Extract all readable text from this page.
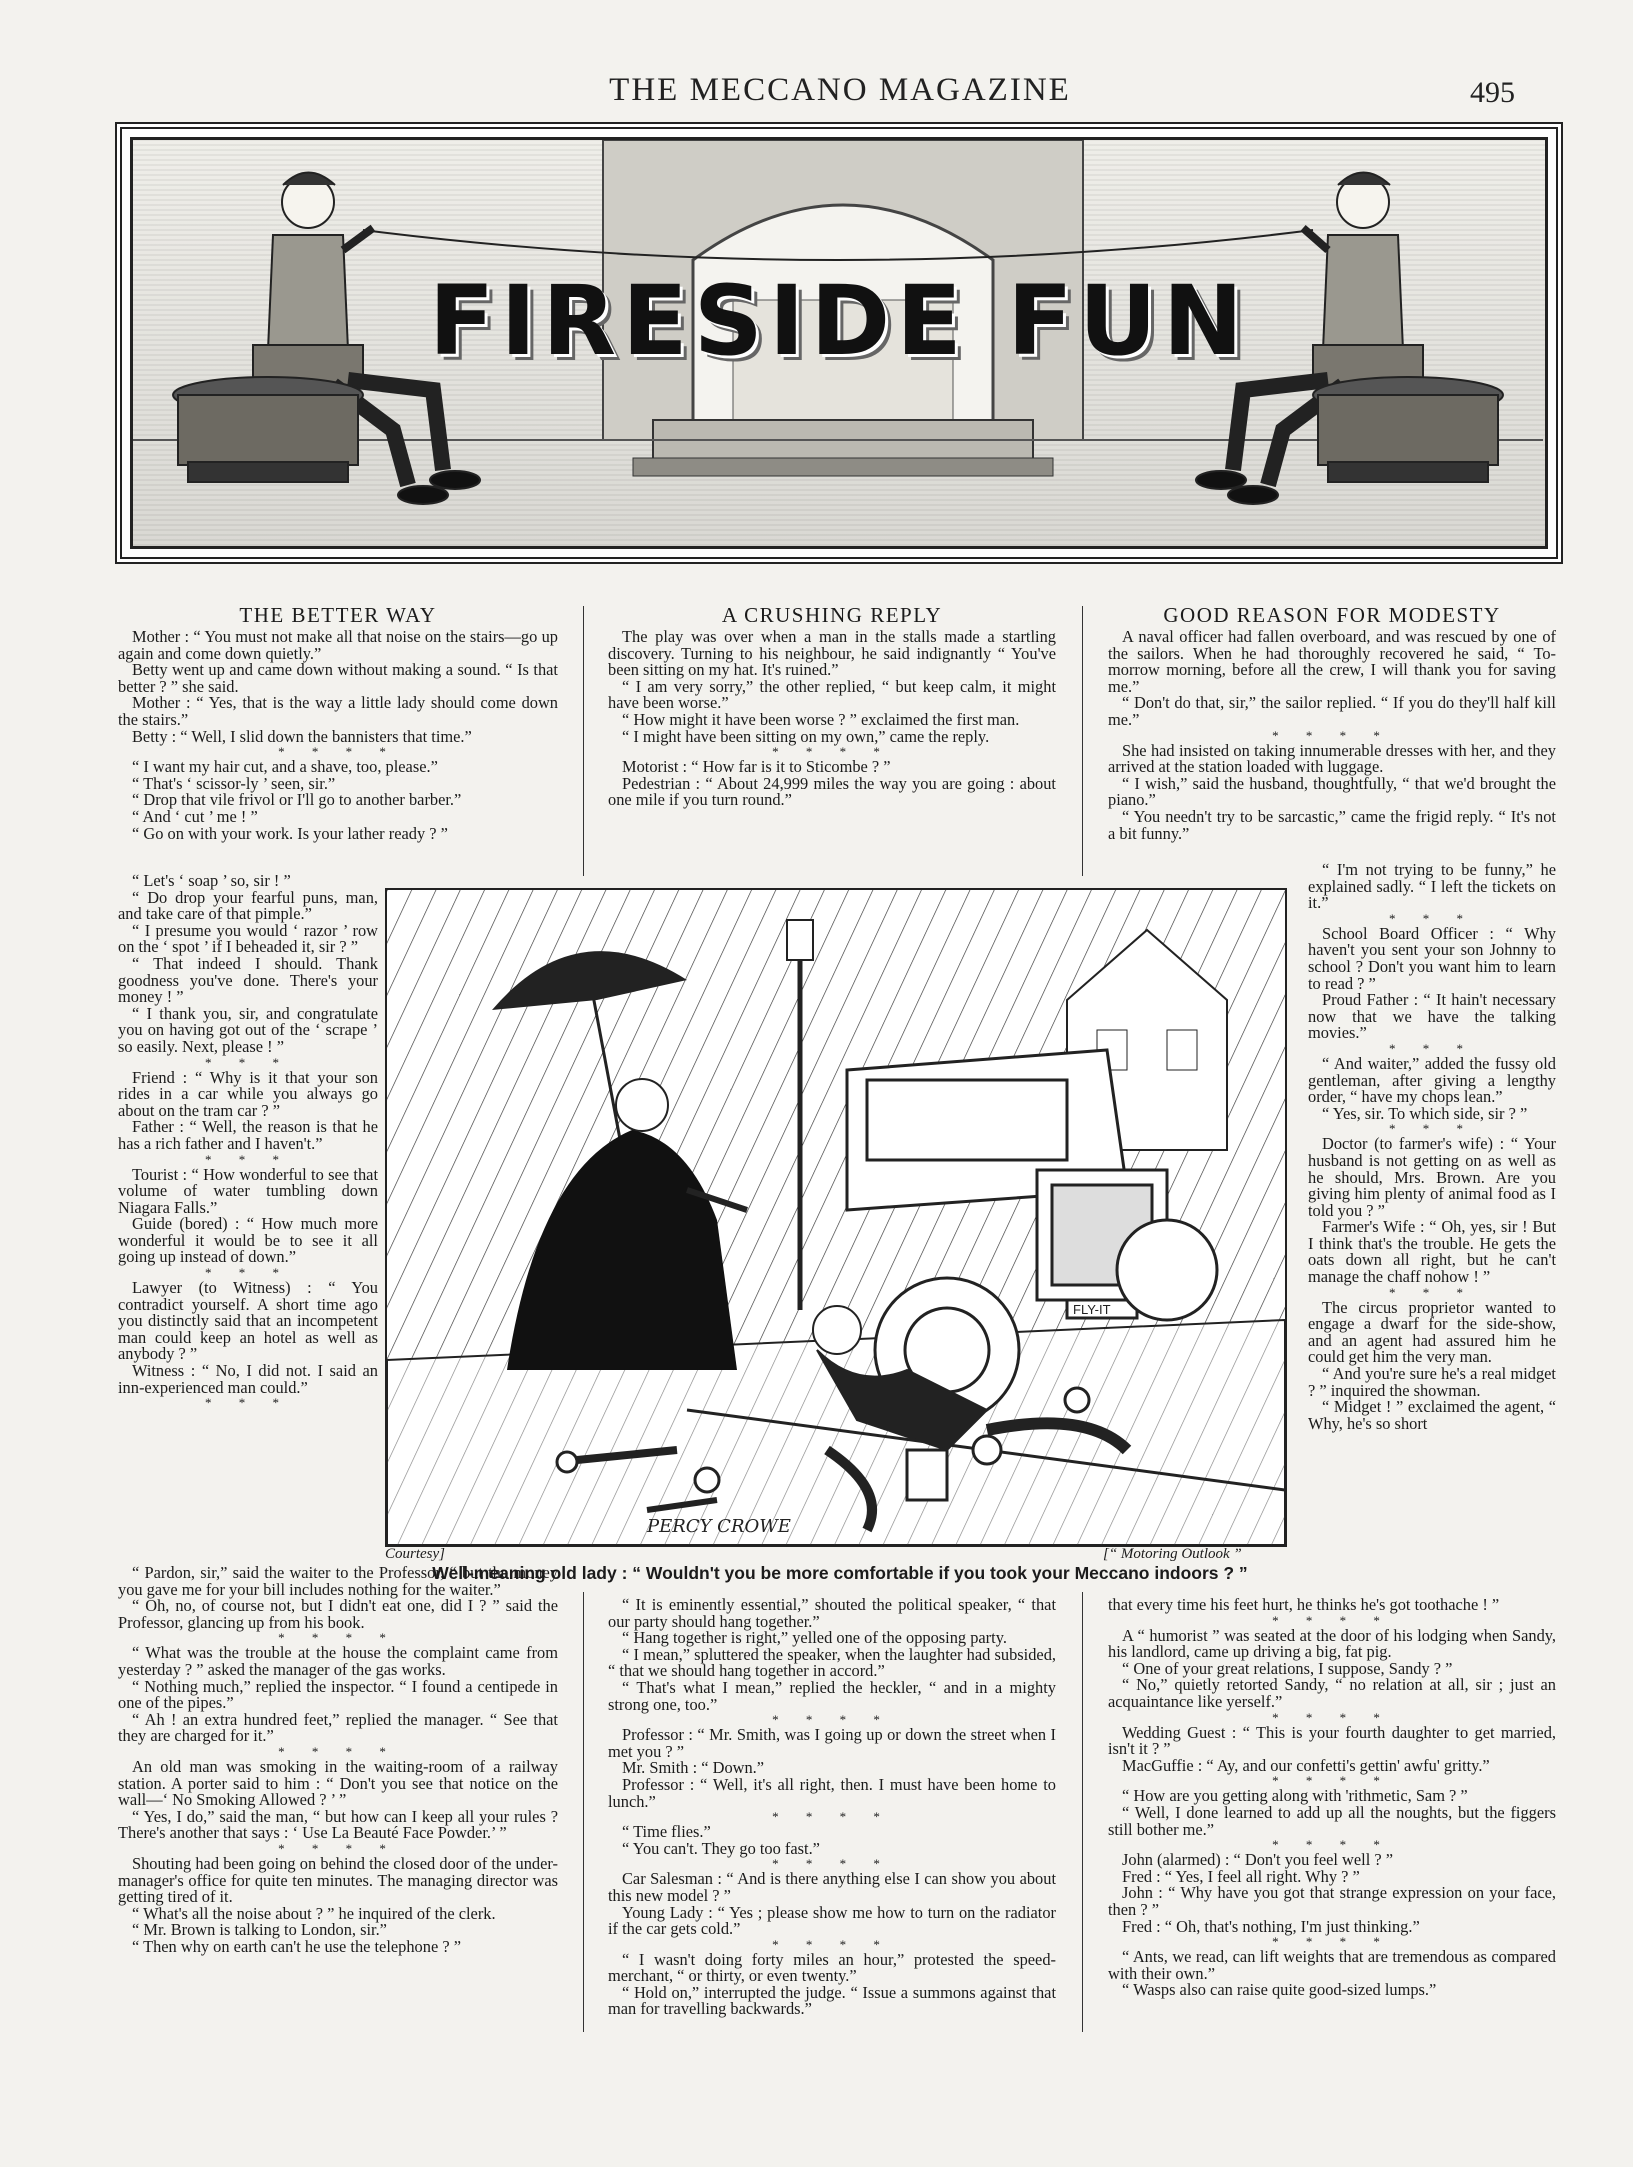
THE MECCANO MAGAZINE	495
FIRESIDE FUN
THE BETTER WAY

Mother : “ You must not make all that noise on the stairs—go up again and come down quietly.”

Betty went up and came down without making a sound. “ Is that better ? ” she said.

Mother : “ Yes, that is the way a little lady should come down the stairs.”

Betty : “ Well, I slid down the bannisters that time.”

* * * *

“ I want my hair cut, and a shave, too, please.”

“ That's ‘ scissor-ly ’ seen, sir.”

“ Drop that vile frivol or I'll go to another barber.”

“ And ‘ cut ’ me ! ”

“ Go on with your work. Is your lather ready ? ”

“ Let's ‘ soap ’ so, sir ! ”

“ Do drop your fearful puns, man, and take care of that pimple.”

“ I presume you would ‘ razor ’ row on the ‘ spot ’ if I beheaded it, sir ? ”

“ That indeed I should. Thank goodness you've done. There's your money ! ”

“ I thank you, sir, and congratulate you on having got out of the ‘ scrape ’ so easily. Next, please ! ”

* * *

Friend : “ Why is it that your son rides in a car while you always go about on the tram car ? ”

Father : “ Well, the reason is that he has a rich father and I haven't.”

* * *

Tourist : “ How wonderful to see that volume of water tumbling down Niagara Falls.”

Guide (bored) : “ How much more wonderful it would be to see it all going up instead of down.”

* * *

Lawyer (to Witness) : “ You contradict yourself. A short time ago you distinctly said that an incompetent man could keep an hotel as well as anybody ? ”

Witness : “ No, I did not. I said an inn-experienced man could.”

* * *

A CRUSHING REPLY

The play was over when a man in the stalls made a startling discovery. Turning to his neighbour, he said indignantly “ You've been sitting on my hat. It's ruined.”

“ I am very sorry,” the other replied, “ but keep calm, it might have been worse.”

“ How might it have been worse ? ” exclaimed the first man.

“ I might have been sitting on my own,” came the reply.

* * * *

Motorist : “ How far is it to Sticombe ? ”

Pedestrian : “ About 24,999 miles the way you are going : about one mile if you turn round.”

GOOD REASON FOR MODESTY

A naval officer had fallen overboard, and was rescued by one of the sailors. When he had thoroughly recovered he said, “ To-morrow morning, before all the crew, I will thank you for saving me.”

“ Don't do that, sir,” the sailor replied. “ If you do they'll half kill me.”

* * * *

She had insisted on taking innumerable dresses with her, and they arrived at the station loaded with luggage.

“ I wish,” said the husband, thoughtfully, “ that we'd brought the piano.”

“ You needn't try to be sarcastic,” came the frigid reply. “ It's not a bit funny.”

“ I'm not trying to be funny,” he explained sadly. “ I left the tickets on it.”

* * *

School Board Officer : “ Why haven't you sent your son Johnny to school ? Don't you want him to learn to read ? ”

Proud Father : “ It hain't necessary now that we have the talking movies.”

* * *

“ And waiter,” added the fussy old gentleman, after giving a lengthy order, “ have my chops lean.”

“ Yes, sir. To which side, sir ? ”

* * *

Doctor (to farmer's wife) : “ Your husband is not getting on as well as he should, Mrs. Brown. Are you giving him plenty of animal food as I told you ? ”

Farmer's Wife : “ Oh, yes, sir ! But I think that's the trouble. He gets the oats down all right, but he can't manage the chaff nohow ! ”

* * *

The circus proprietor wanted to engage a dwarf for the side-show, and an agent had assured him he could get him the very man.

“ And you're sure he's a real midget ? ” inquired the showman.

“ Midget ! ” exclaimed the agent, “ Why, he's so short

FLY-IT
PERCY CROWE
Courtesy]	[“ Motoring Outlook ”
Well-meaning old lady : “ Wouldn't you be more comfortable if you took your Meccano indoors ? ”

“ Pardon, sir,” said the waiter to the Professor, “ but the money you gave me for your bill includes nothing for the waiter.”

“ Oh, no, of course not, but I didn't eat one, did I ? ” said the Professor, glancing up from his book.

* * * *

“ What was the trouble at the house the complaint came from yesterday ? ” asked the manager of the gas works.

“ Nothing much,” replied the inspector. “ I found a centipede in one of the pipes.”

“ Ah ! an extra hundred feet,” replied the manager. “ See that they are charged for it.”

* * * *

An old man was smoking in the waiting-room of a railway station. A porter said to him : “ Don't you see that notice on the wall—‘ No Smoking Allowed ? ’ ”

“ Yes, I do,” said the man, “ but how can I keep all your rules ? There's another that says : ‘ Use La Beauté Face Powder.’ ”

* * * *

Shouting had been going on behind the closed door of the under-manager's office for quite ten minutes. The managing director was getting tired of it.

“ What's all the noise about ? ” he inquired of the clerk.

“ Mr. Brown is talking to London, sir.”

“ Then why on earth can't he use the telephone ? ”

“ It is eminently essential,” shouted the political speaker, “ that our party should hang together.”

“ Hang together is right,” yelled one of the opposing party.

“ I mean,” spluttered the speaker, when the laughter had subsided, “ that we should hang together in accord.”

“ That's what I mean,” replied the heckler, “ and in a mighty strong one, too.”

* * * *

Professor : “ Mr. Smith, was I going up or down the street when I met you ? ”

Mr. Smith : “ Down.”

Professor : “ Well, it's all right, then. I must have been home to lunch.”

* * * *

“ Time flies.”

“ You can't. They go too fast.”

* * * *

Car Salesman : “ And is there anything else I can show you about this new model ? ”

Young Lady : “ Yes ; please show me how to turn on the radiator if the car gets cold.”

* * * *

“ I wasn't doing forty miles an hour,” protested the speed-merchant, “ or thirty, or even twenty.”

“ Hold on,” interrupted the judge. “ Issue a summons against that man for travelling backwards.”

that every time his feet hurt, he thinks he's got toothache ! ”

* * * *

A “ humorist ” was seated at the door of his lodging when Sandy, his landlord, came up driving a big, fat pig.

“ One of your great relations, I suppose, Sandy ? ”

“ No,” quietly retorted Sandy, “ no relation at all, sir ; just an acquaintance like yerself.”

* * * *

Wedding Guest : “ This is your fourth daughter to get married, isn't it ? ”

MacGuffie : “ Ay, and our confetti's gettin' awfu' gritty.”

* * * *

“ How are you getting along with 'rithmetic, Sam ? ”

“ Well, I done learned to add up all the noughts, but the figgers still bother me.”

* * * *

John (alarmed) : “ Don't you feel well ? ”

Fred : “ Yes, I feel all right. Why ? ”

John : “ Why have you got that strange expression on your face, then ? ”

Fred : “ Oh, that's nothing, I'm just thinking.”

* * * *

“ Ants, we read, can lift weights that are tremendous as compared with their own.”

“ Wasps also can raise quite good-sized lumps.”
